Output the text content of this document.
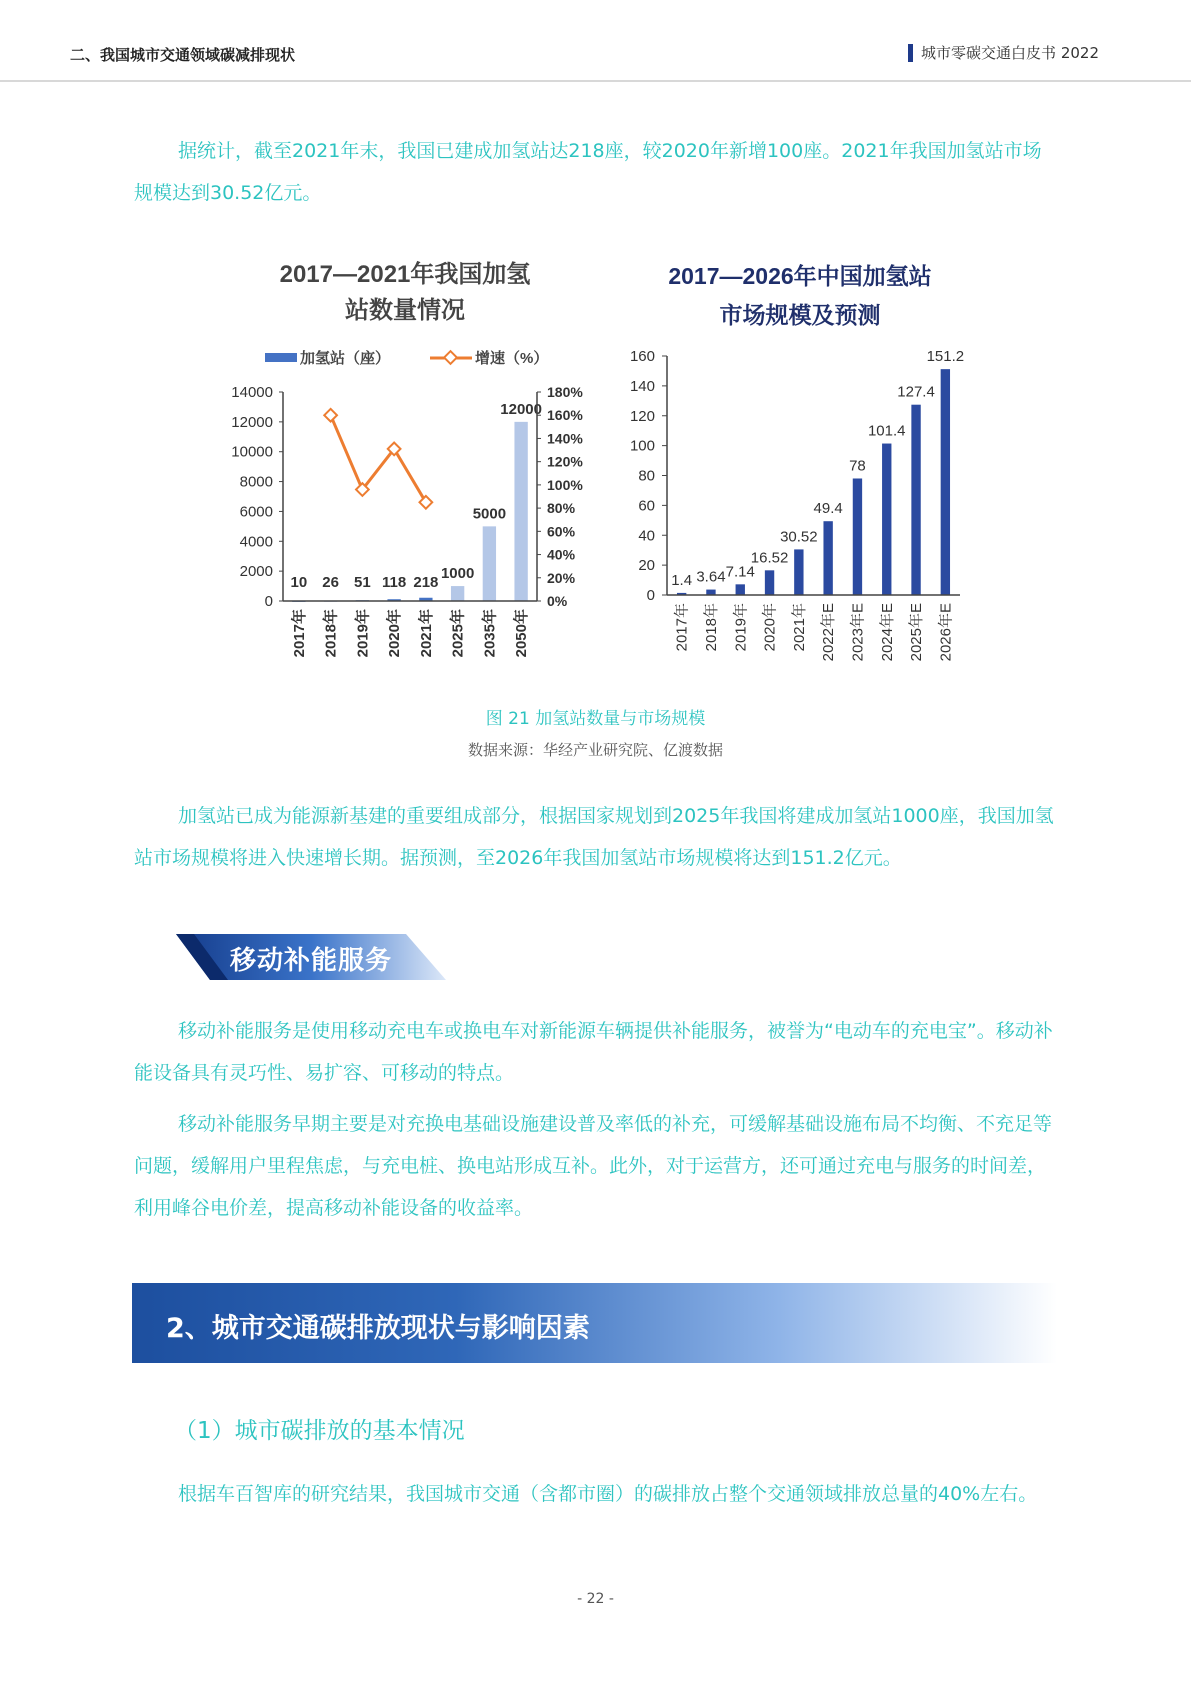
二、我国城市交通领域碳减排现状	城市零碳交通白皮书 2022

据统计，截至2021年末，我国已建成加氢站达218座，较2020年新增100座。2021年我国加氢站市场规模达到30.52亿元。

2017—2021年我国加氢
站数量情况
加氢站（座）	增速（%）
0
2000
4000
6000
8000
10000
12000
14000
0%
20%
40%
60%
80%
100%
120%
140%
160%
180%
10 26 51 118 218
1000
5000
12000
2017年 2018年 2019年 2020年 2021年 2025年 2035年 2050年
2017—2026年中国加氢站
市场规模及预测
0
20
40
60
80
100
120
140
160
1.4 3.64 7.14
16.52
30.52
49.4
78
101.4
127.4
151.2
2017年 2018年 2019年 2020年 2021年 2022年E 2023年E 2024年E 2025年E 2026年E
图 21 加氢站数量与市场规模
数据来源：华经产业研究院、亿渡数据

加氢站已成为能源新基建的重要组成部分，根据国家规划到2025年我国将建成加氢站1000座，我国加氢站市场规模将进入快速增长期。据预测，至2026年我国加氢站市场规模将达到151.2亿元。

移动补能服务

移动补能服务是使用移动充电车或换电车对新能源车辆提供补能服务，被誉为“电动车的充电宝”。移动补能设备具有灵巧性、易扩容、可移动的特点。

移动补能服务早期主要是对充换电基础设施建设普及率低的补充，可缓解基础设施布局不均衡、不充足等问题，缓解用户里程焦虑，与充电桩、换电站形成互补。此外，对于运营方，还可通过充电与服务的时间差，利用峰谷电价差，提高移动补能设备的收益率。

2、城市交通碳排放现状与影响因素
（1）城市碳排放的基本情况

根据车百智库的研究结果，我国城市交通（含都市圈）的碳排放占整个交通领域排放总量的40%左右。

- 22 -
